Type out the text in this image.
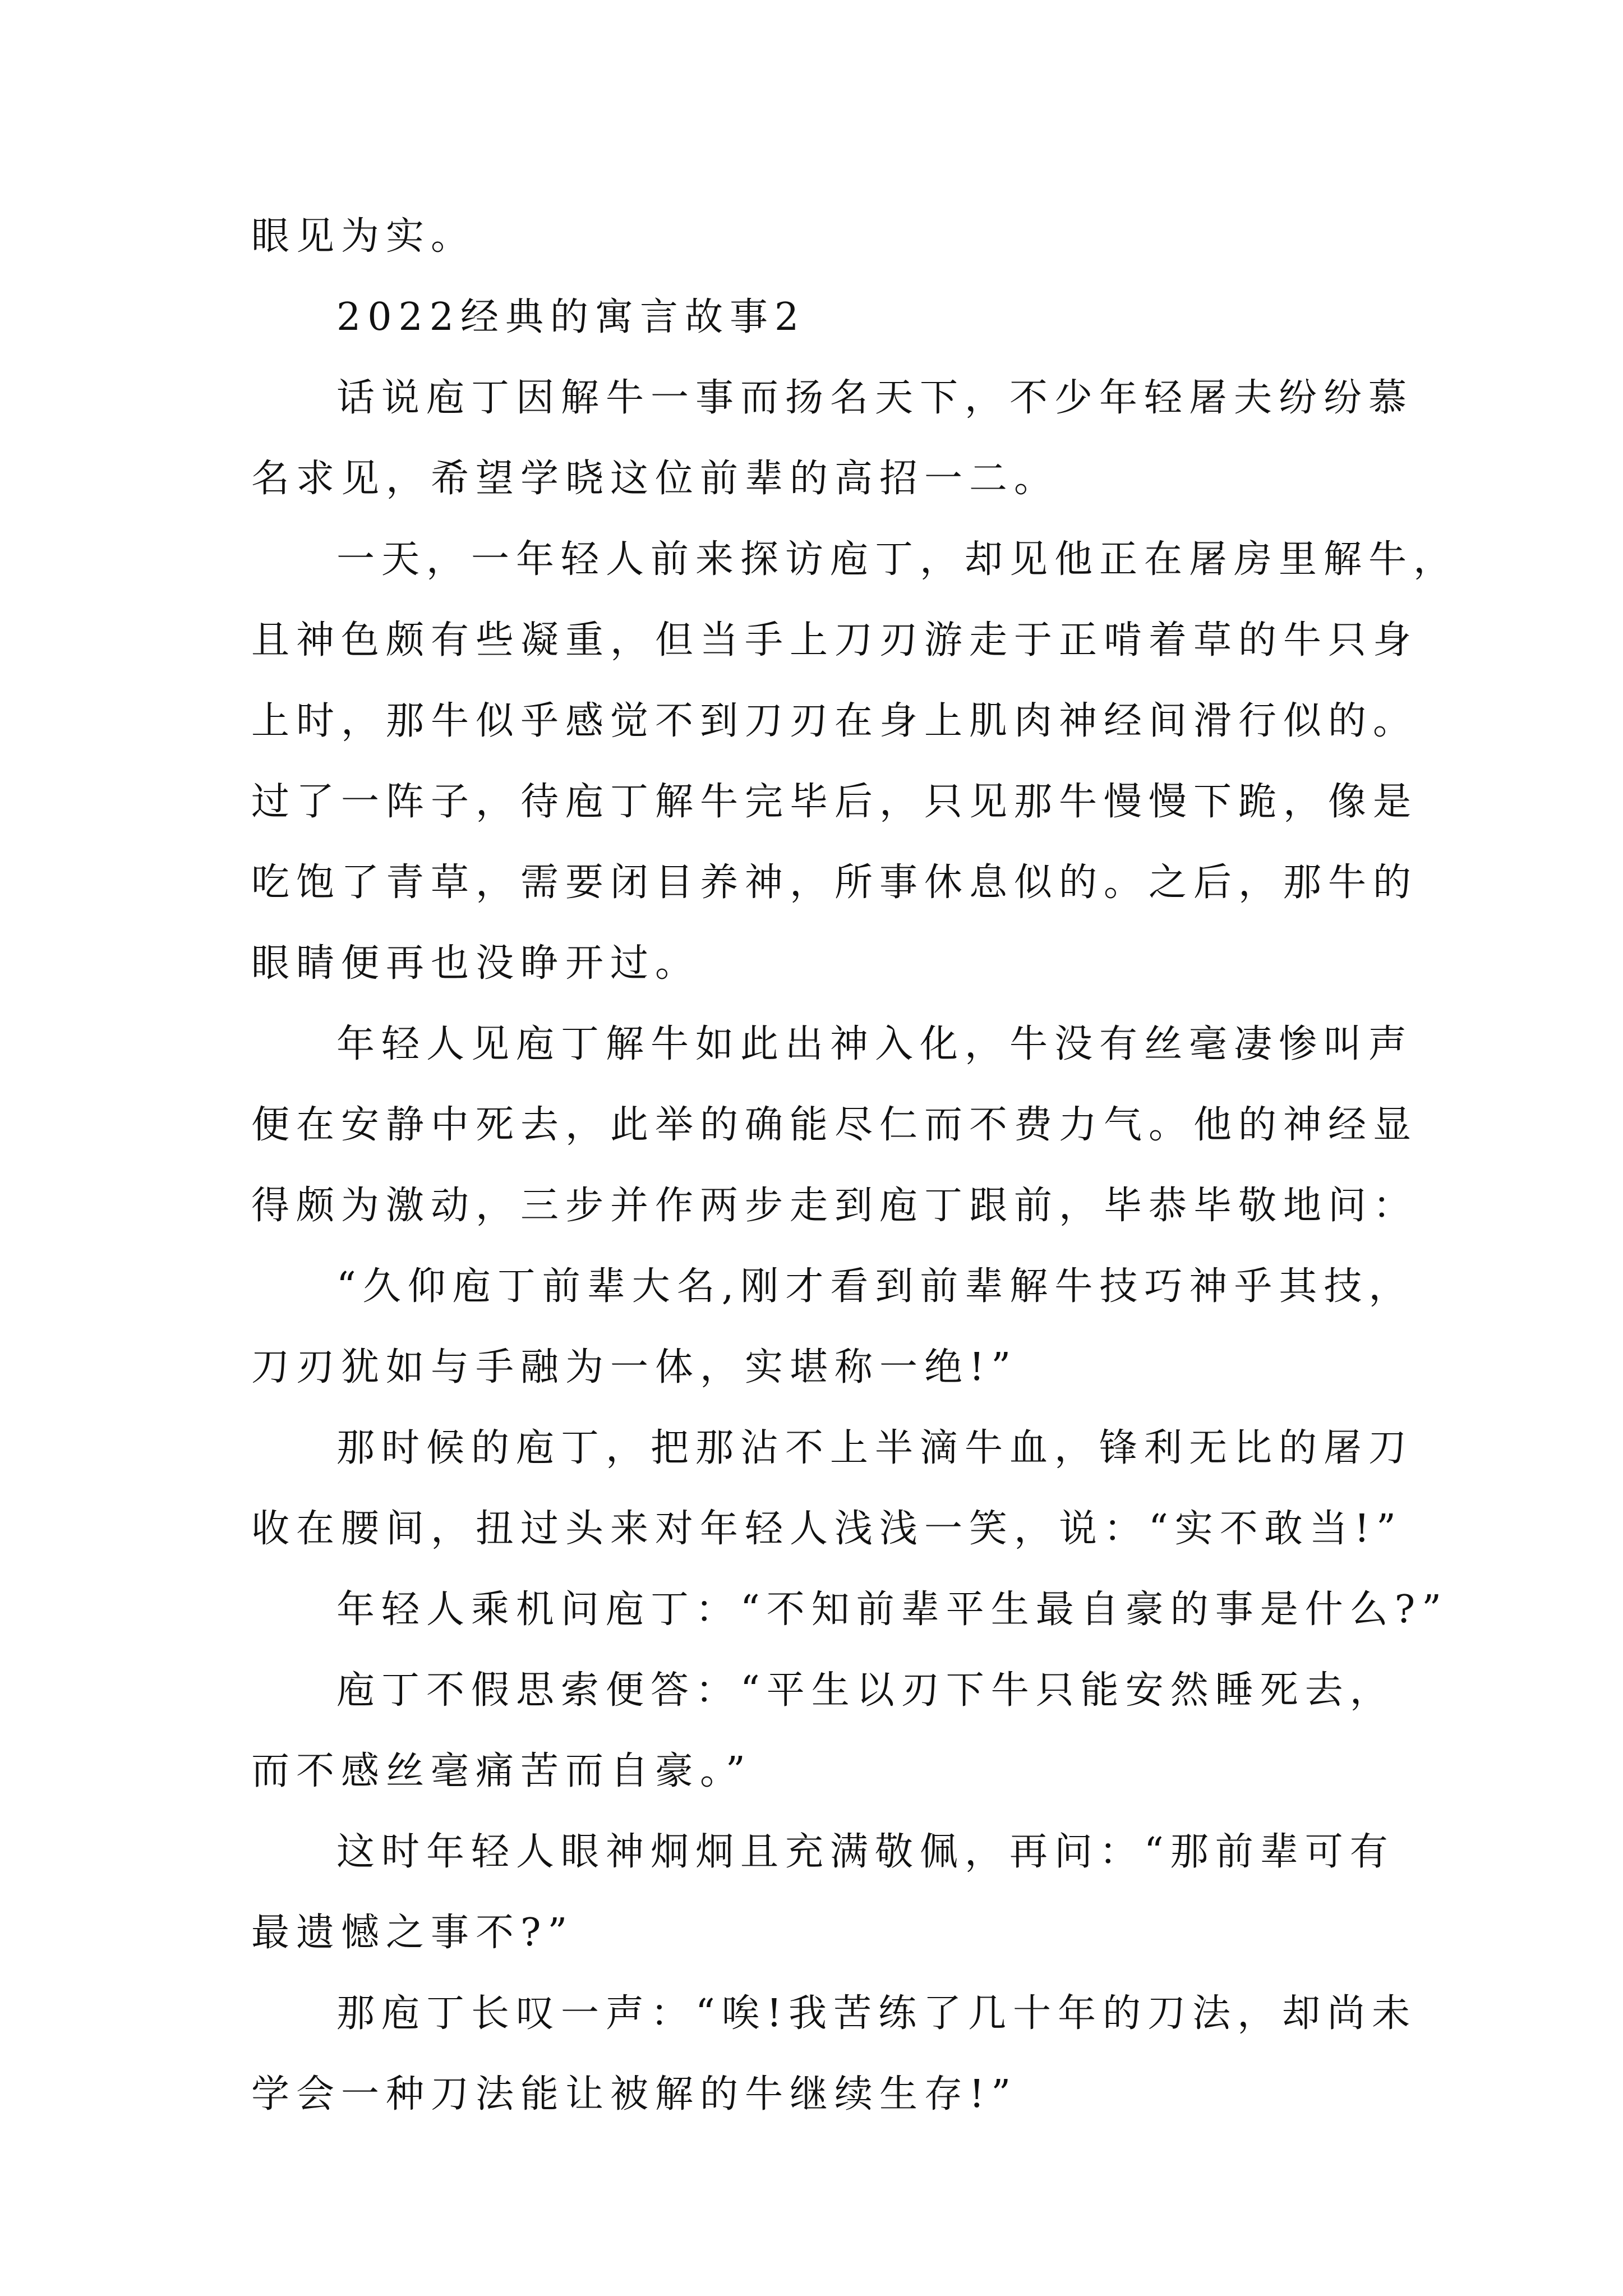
眼见为实。
2022经典的寓言故事2
话说庖丁因解牛一事而扬名天下，不少年轻屠夫纷纷慕
名求见，希望学晓这位前辈的高招一二。
一天，一年轻人前来探访庖丁，却见他正在屠房里解牛，
且神色颇有些凝重，但当手上刀刃游走于正啃着草的牛只身
上时，那牛似乎感觉不到刀刃在身上肌肉神经间滑行似的。
过了一阵子，待庖丁解牛完毕后，只见那牛慢慢下跪，像是
吃饱了青草，需要闭目养神，所事休息似的。之后，那牛的
眼睛便再也没睁开过。
年轻人见庖丁解牛如此出神入化，牛没有丝毫凄惨叫声
便在安静中死去，此举的确能尽仁而不费力气。他的神经显
得颇为激动，三步并作两步走到庖丁跟前，毕恭毕敬地问：
“久仰庖丁前辈大名,刚才看到前辈解牛技巧神乎其技，
刀刃犹如与手融为一体，实堪称一绝!”
那时候的庖丁，把那沾不上半滴牛血，锋利无比的屠刀
收在腰间，扭过头来对年轻人浅浅一笑，说：“实不敢当!”
年轻人乘机问庖丁：“不知前辈平生最自豪的事是什么?”
庖丁不假思索便答：“平生以刃下牛只能安然睡死去，
而不感丝毫痛苦而自豪。”
这时年轻人眼神炯炯且充满敬佩，再问：“那前辈可有
最遗憾之事不?”
那庖丁长叹一声：“唉!我苦练了几十年的刀法，却尚未
学会一种刀法能让被解的牛继续生存!”
